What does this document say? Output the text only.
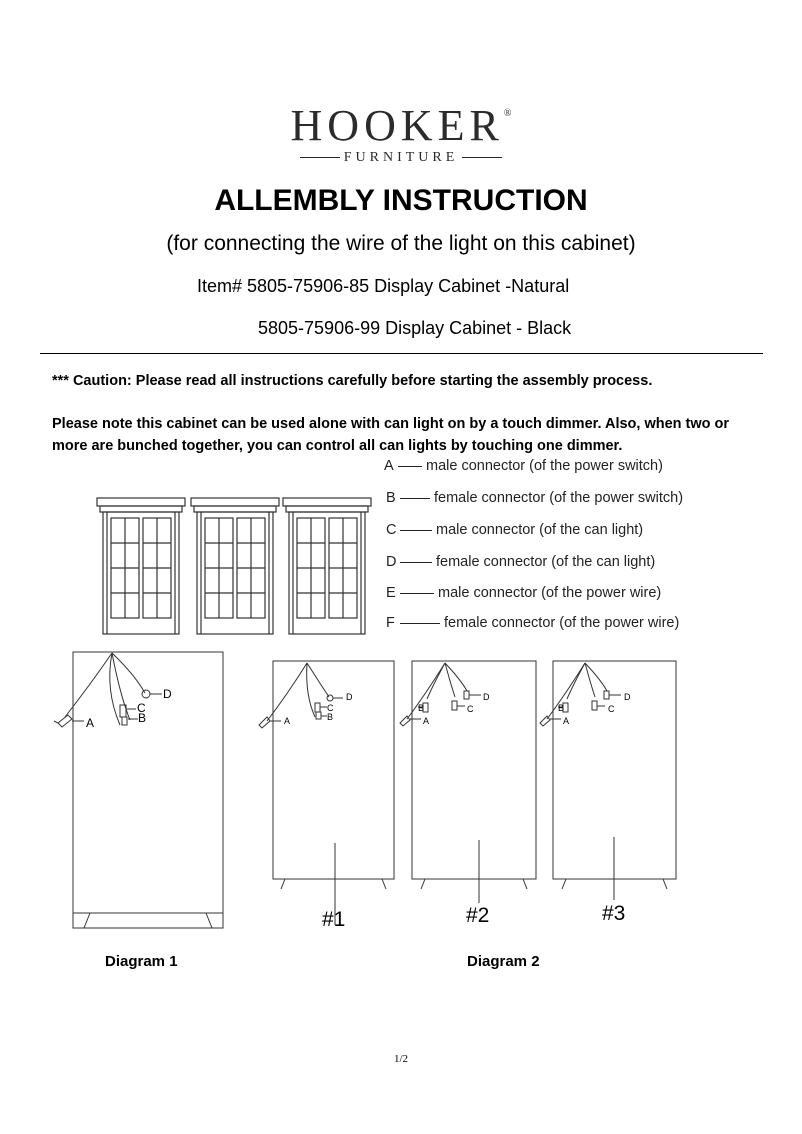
HOOKER®
FURNITURE
ALLEMBLY INSTRUCTION
(for connecting the wire of the light on this cabinet)
Item# 5805-75906-85 Display Cabinet -Natural
5805-75906-99 Display Cabinet - Black
*** Caution: Please read all instructions carefully before starting the assembly process.
Please note this cabinet can be used alone with can light on by a touch dimmer. Also, when two or more are bunched together, you can control all can lights by touching one dimmer.
A male connector (of the power switch)
B	female connector (of the power switch)
C	male connector (of the can light)
D	female connector (of the can light)
E	male connector (of the power wire)
F	female connector (of the power wire)
A	B
C
D
A	B
C
D
A
B	C
D
A
B	C
D
#1	#2	#3
Diagram 1	Diagram 2
1/2
